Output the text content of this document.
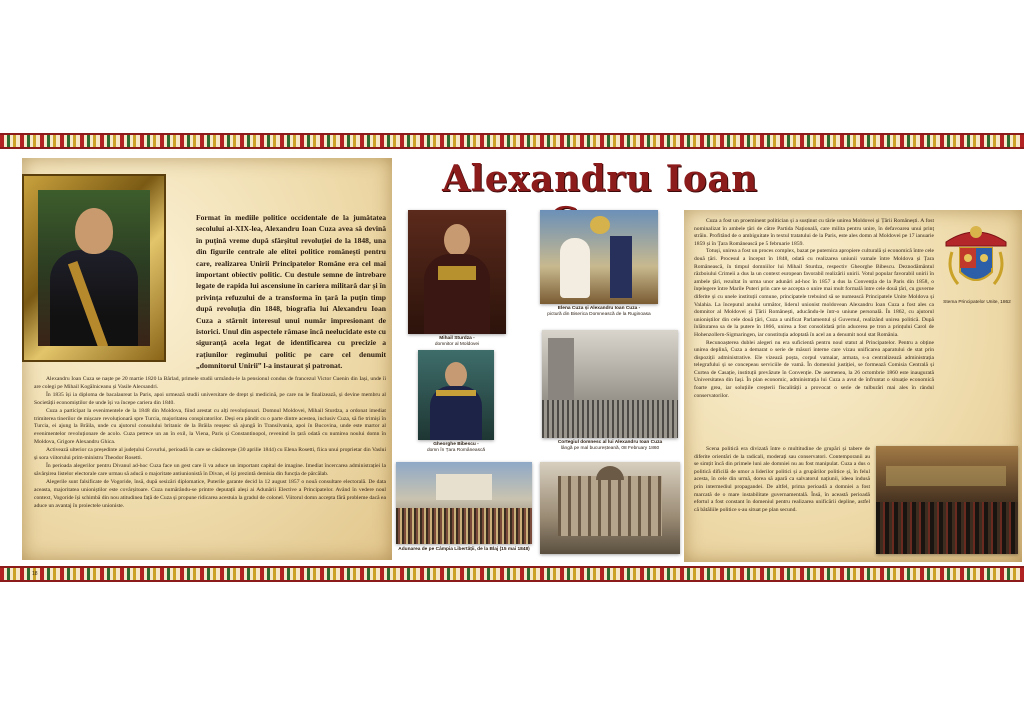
Alexandru Ioan
Format în mediile politice occidentale de la jumătatea secolului al-XIX-lea, Alexandru Ioan Cuza avea să devină în puțină vreme după sfârșitul revoluției de la 1848, una din figurile centrale ale elitei politice românești pentru care, realizarea Unirii Principatelor Române era cel mai important obiectiv politic. Cu destule semne de întrebare legate de rapida lui ascensiune în cariera militară dar și în privința refuzului de a transforma în țară la puțin timp după revoluția din 1848, biografia lui Alexandru Ioan Cuza a stârnit interesul unui număr impresionant de istorici. Unul din aspectele rămase încă neelucidate este cu siguranță acela legat de identificarea cu precizie a rațiunilor regimului politic pe care cel denumit „domnitorul Unirii” l-a instaurat și patronat.

Alexandru Ioan Cuza se naște pe 20 martie 1820 la Bârlad, primele studii urmându-le la pensionul condus de francezul Victor Cuenin din Iași, unde îi are colegi pe Mihail Kogălniceanu și Vasile Alecsandri.

În 1835 își ia diploma de bacalaureat la Paris, apoi urmează studii universitare de drept și medicină, pe care nu le finalizează, și devine membru al Societății economiștilor de unde își va începe cariera din 1840.

Cuza a participat la evenimentele de la 1848 din Moldova, fiind arestat cu alți revoluționari. Domnul Moldovei, Mihail Sturdza, a ordonat imediat trimiterea tinerilor de mișcare revoluționară spre Turcia, majoritatea conspiratorilor. Deși era pândit cu o parte dintre acestea, inclusiv Cuza, să fie trimiși în Turcia, ei ajung la Brăila, unde cu ajutorul consulului britanic de la Brăila reușesc să ajungă în Transilvania, apoi în Bucovina, unde este martor al evenimentelor revoluționare de acolo. Cuza petrece un an în exil, la Viena, Paris și Constantinopol, revenind în țară odată cu numirea noului domn în Moldova, Grigore Alexandru Ghica.

Activează ulterior ca președinte al județului Covurlui, perioadă în care se căsătorește (30 aprilie 1844) cu Elena Rosetti, fiica unui proprietar din Vaslui și sora viitorului prim-ministru Theodor Rosetti.

În perioada alegerilor pentru Divanul ad-hoc Cuza face un gest care îi va aduce un important capital de imagine. Imediat încercarea administrației la săvârșirea listelor electorale care urmau să aducă o majoritate antiunionistă în Divan, el își prezintă demisia din funcția de pârcălab.

Alegerile sunt falsificate de Vogoride, însă, după sesizări diplomatice, Puterile garante decid la 12 august 1857 o nouă consultare electorală. De data aceasta, majoritatea unioniștilor este covârșitoare. Cuza numărându-se printre deputații aleși ai Adunării Elective a Principatelor. Având în vedere noul context, Vogoride își schimbă din nou atitudinea față de Cuza și propune ridicarea acestuia la gradul de colonel. Viitorul domn accepta fără probleme dacă ea aduce un avantaj în proiectele unioniste.

18
Mihail Sturdza -
domnitor al Moldovei
Elena Cuza și Alexandru Ioan Cuza -
pictură din Biserica Domnească de la Ruginoasa
Gheorghe Bibescu -
domn în Țara Românească
Cortegiul domnesc al lui Alexandru Ioan Cuza
lângă pe mal bucureșteană, 08 February 1860
Adunarea de pe Câmpia Libertății, de la Blaj (15 mai 1848)

Cuza a fost un proeminent politician și a susținut cu tărie unirea Moldovei și Țării Românești. A fost nominalizat în ambele țări de către Partida Națională, care milita pentru unire, în defavoarea unui prinț străin. Profitând de o ambiguitate în textul tratatului de la Paris, este ales domn al Moldovei pe 17 ianuarie 1859 și în Țara Românească pe 5 februarie 1859.

Totuși, unirea a fost un proces complex, bazat pe puternica apropiere culturală și economică între cele două țări. Procesul a început în 1848, odată cu realizarea uniunii vamale între Moldova și Țara Românească, în timpul domniilor lui Mihail Sturdza, respectiv Gheorghe Bibescu. Deznodământul războiului Crimeii a dus la un context european favorabil realizării unirii. Votul popular favorabil unirii în ambele țări, rezultat în urma unor adunări ad-hoc în 1857 a dus la Convenția de la Paris din 1858, o înțelegere între Marile Puteri prin care se accepta o unire mai mult formală între cele două țări, cu guverne diferite și cu unele instituții comune, principatele trebuind să se numească Principatele Unite Moldova și Valahia. La începutul anului următor, liderul unionist moldovean Alexandru Ioan Cuza a fost ales ca domnitor al Moldovei și Țării Românești, aducându-le într-o uniune personală. În 1862, cu ajutorul unioniștilor din cele două țări, Cuza a unificat Parlamentul și Guvernul, realizând unirea politică. După înlăturarea sa de la putere în 1866, unirea a fost consolidată prin aducerea pe tron a prințului Carol de Hohenzollern-Sigmaringen, iar constituția adoptată în acel an a denumit noul stat România.

Recunoașterea dublei alegeri nu era suficientă pentru noul statut al Principatelor. Pentru a obține unirea deplină, Cuza a demarat o serie de măsuri interne care vizau unificarea aparatului de stat prin dispoziții administrative. Ele vizează poșta, corpul vamaiar, armata, s-a centralizează administrația telegrafului și se concepeau serviciile de vamă. În domeniul justiției, se formează Comisia Centrală și Curtea de Casație, instituții prevăzute în Convenție. De asemenea, la 26 octombrie 1860 este inaugurată Universitatea din Iași. În plan economic, administrația lui Cuza a avut de înfruntat o situație economică foarte grea, iar soluțiile creșterii fiscalității a provocat o serie de tulburări mai ales în rândul conservatorilor.

Scena politică era divizată între o multitudine de grupări și tabere de diferite orientări de la radicali, moderați sau conservatori. Contemporanii au se simțit încă din primele luni ale domniei nu au fost manipulat. Cuza a dus o politică dificilă de umor a liderilor politici și a grupărilor politice și, în felul acesta, în cele din urmă, dorea să apară ca salvatorul națiunii, ideea indusă prin intermediul propagandei. De altfel, prima perioadă a domniei a fost marcată de o mare instabilitate guvernamentală. Însă, în această perioadă efortul a fost constant în domeniul pentru realizarea unificării depline, astfel că bătăliile politice s-au situat pe plan secund.

Stema Principatelor Unite, 1862
